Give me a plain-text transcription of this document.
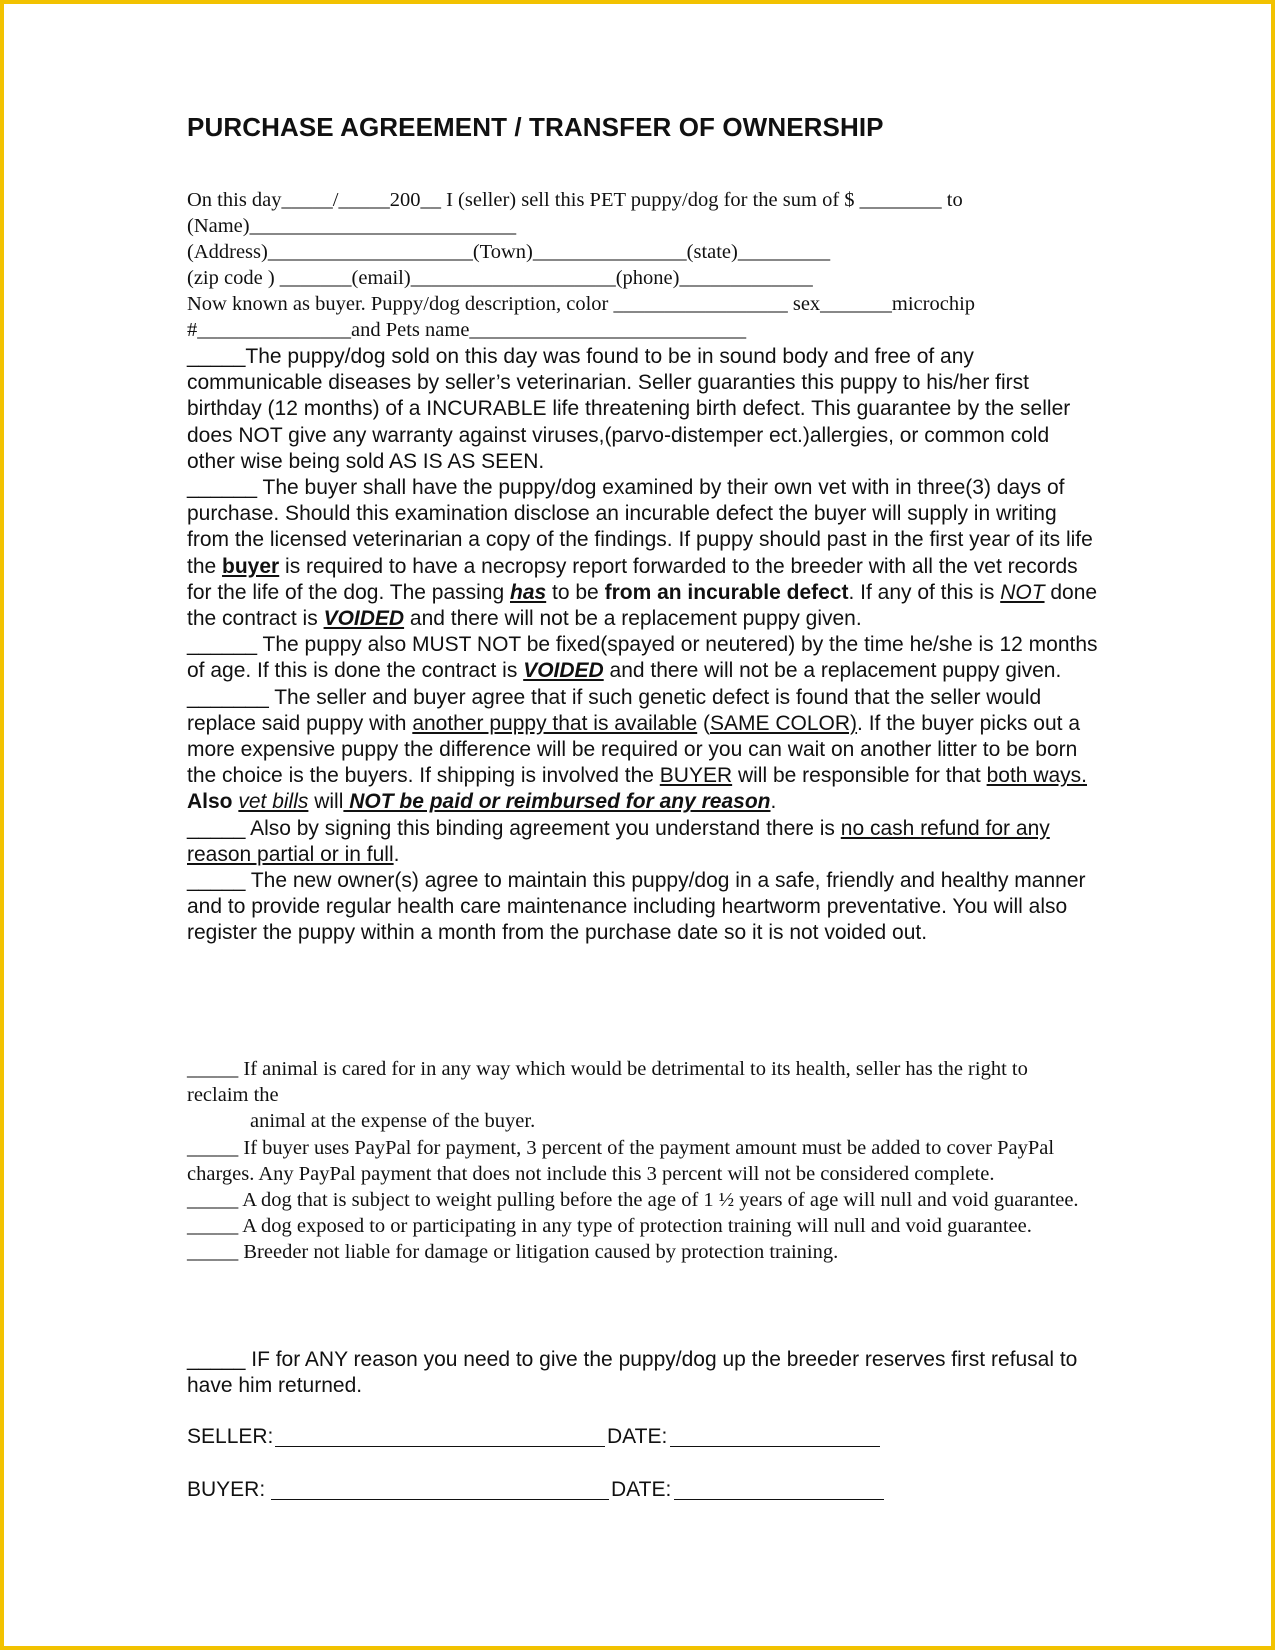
PURCHASE AGREEMENT / TRANSFER OF OWNERSHIP
On this day_____/_____200__ I (seller) sell this PET puppy/dog for the sum of $ ________ to
(Name)__________________________
(Address)____________________(Town)_______________(state)_________
(zip code ) _______(email)____________________(phone)_____________
Now known as buyer. Puppy/dog description, color _________________ sex_______microchip
#_______________and Pets name___________________________

_____The puppy/dog sold on this day was found to be in sound body and free of any communicable diseases by seller’s veterinarian. Seller guaranties this puppy to his/her first birthday (12 months) of a INCURABLE life threatening birth defect. This guarantee by the seller does NOT give any warranty against viruses,(parvo-distemper ect.)allergies, or common cold other wise being sold AS IS AS SEEN.

______ The buyer shall have the puppy/dog examined by their own vet with in three(3) days of purchase. Should this examination disclose an incurable defect the buyer will supply in writing from the licensed veterinarian a copy of the findings. If puppy should past in the first year of its life the buyer is required to have a necropsy report forwarded to the breeder with all the vet records for the life of the dog. The passing has to be from an incurable defect. If any of this is NOT done the contract is VOIDED and there will not be a replacement puppy given.

______ The puppy also MUST NOT be fixed(spayed or neutered) by the time he/she is 12 months of age. If this is done the contract is VOIDED and there will not be a replacement puppy given.

_______ The seller and buyer agree that if such genetic defect is found that the seller would replace said puppy with another puppy that is available (SAME COLOR). If the buyer picks out a more expensive puppy the difference will be required or you can wait on another litter to be born the choice is the buyers. If shipping is involved the BUYER will be responsible for that both ways. Also vet bills will NOT be paid or reimbursed for any reason.

_____ Also by signing this binding agreement you understand there is no cash refund for any reason partial or in full.

_____ The new owner(s) agree to maintain this puppy/dog in a safe, friendly and healthy manner and to provide regular health care maintenance including heartworm preventative. You will also register the puppy within a month from the purchase date so it is not voided out.

_____ If animal is cared for in any way which would be detrimental to its health, seller has the right to reclaim the

animal at the expense of the buyer.

_____ If buyer uses PayPal for payment, 3 percent of the payment amount must be added to cover PayPal charges. Any PayPal payment that does not include this 3 percent will not be considered complete.

_____ A dog that is subject to weight pulling before the age of 1 ½ years of age will null and void guarantee.

_____ A dog exposed to or participating in any type of protection training will null and void guarantee.

_____ Breeder not liable for damage or litigation caused by protection training.

_____ IF for ANY reason you need to give the puppy/dog up the breeder reserves first refusal to have him returned.

SELLER:	DATE:
BUYER:	DATE:
